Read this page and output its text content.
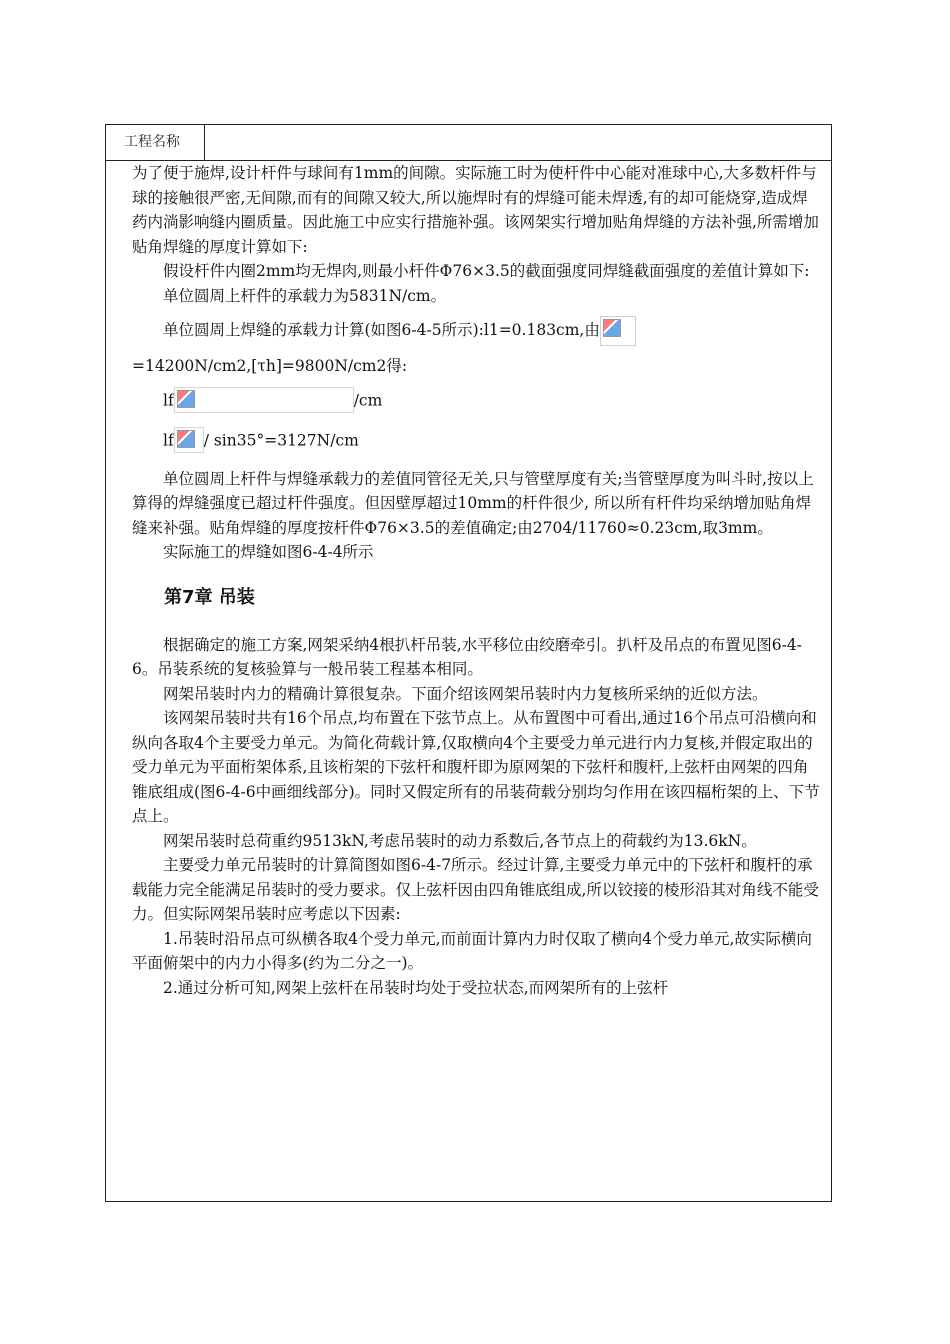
工程名称

为了便于施焊,设计杆件与球间有1mm的间隙。实际施工时为使杆件中心能对准球中心,大多数杆件与球的接触很严密,无间隙,而有的间隙又较大,所以施焊时有的焊缝可能未焊透,有的却可能烧穿,造成焊药内淌影响缝内圈质量。因此施工中应实行措施补强。该网架实行增加贴角焊缝的方法补强,所需增加贴角焊缝的厚度计算如下:

假设杆件内圈2mm均无焊肉,则最小杆件Φ76×3.5的截面强度同焊缝截面强度的差值计算如下:

单位圆周上杆件的承载力为5831N/cm。

单位圆周上焊缝的承载力计算(如图6-4-5所示):l1=0.183cm,由

=14200N/cm2,[τh]=9800N/cm2得:

lf	/cm

lf / sin35°=3127N/cm

单位圆周上杆件与焊缝承载力的差值同管径无关,只与管壁厚度有关;当管壁厚度为叫斗时,按以上算得的焊缝强度已超过杆件强度。但因壁厚超过10mm的杆件很少, 所以所有杆件均采纳增加贴角焊缝来补强。贴角焊缝的厚度按杆件Φ76×3.5的差值确定;由2704/11760≈0.23cm,取3mm。

实际施工的焊缝如图6-4-4所示

第7章 吊装

根据确定的施工方案,网架采纳4根扒杆吊装,水平移位由绞磨牵引。扒杆及吊点的布置见图6-4-6。吊装系统的复核验算与一般吊装工程基本相同。

网架吊装时内力的精确计算很复杂。下面介绍该网架吊装时内力复核所采纳的近似方法。

该网架吊装时共有16个吊点,均布置在下弦节点上。从布置图中可看出,通过16个吊点可沿横向和纵向各取4个主要受力单元。为简化荷载计算,仅取横向4个主要受力单元进行内力复核,并假定取出的受力单元为平面桁架体系,且该桁架的下弦杆和腹杆即为原网架的下弦杆和腹杆,上弦杆由网架的四角锥底组成(图6-4-6中画细线部分)。同时又假定所有的吊装荷载分别均匀作用在该四楅桁架的上、下节点上。

网架吊装时总荷重约9513kN,考虑吊装时的动力系数后,各节点上的荷载约为13.6kN。

主要受力单元吊装时的计算简图如图6-4-7所示。经过计算,主要受力单元中的下弦杆和腹杆的承载能力完全能满足吊装时的受力要求。仅上弦杆因由四角锥底组成,所以铰接的棱形沿其对角线不能受力。但实际网架吊装时应考虑以下因素:

1.吊装时沿吊点可纵横各取4个受力单元,而前面计算内力时仅取了横向4个受力单元,故实际横向平面俯架中的内力小得多(约为二分之一)。

2.通过分析可知,网架上弦杆在吊装时均处于受拉状态,而网架所有的上弦杆
